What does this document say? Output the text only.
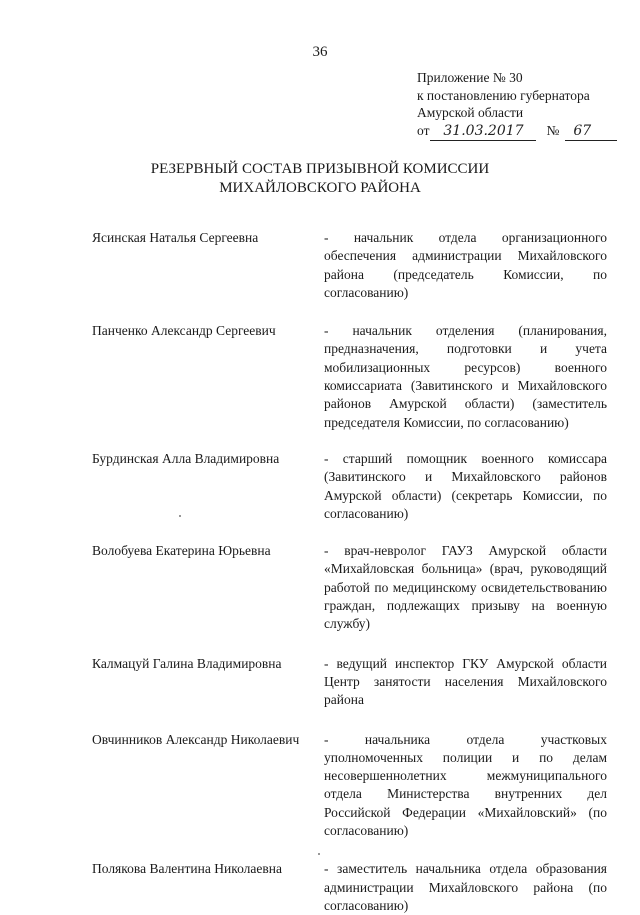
36
Приложение № 30
к постановлению губернатора
Амурской области
от 31.03.2017	№	67
РЕЗЕРВНЫЙ СОСТАВ ПРИЗЫВНОЙ КОМИССИИ
МИХАЙЛОВСКОГО РАЙОНА
Ясинская Наталья Сергеевна	- начальник отдела организационного обеспечения администрации Михайловского района (председатель Комиссии, по согласованию)
Панченко Александр Сергеевич	- начальник отделения (планирования, предназначения, подготовки и учета мобилизационных ресурсов) военного комиссариата (Завитинского и Михайловского районов Амурской области) (заместитель председателя Комиссии, по согласованию)
Бурдинская Алла Владимировна	- старший помощник военного комиссара (Завитинского и Михайловского районов Амурской области) (секретарь Комиссии, по согласованию)
Волобуева Екатерина Юрьевна	- врач-невролог ГАУЗ Амурской области «Михайловская больница» (врач, руководящий работой по медицинскому освидетельствованию граждан, подлежащих призыву на военную службу)
Калмацуй Галина Владимировна	- ведущий инспектор ГКУ Амурской области Центр занятости населения Михайловского района
Овчинников Александр Николаевич	- начальника отдела участковых уполномоченных полиции и по делам несовершеннолетних межмуниципального отдела Министерства внутренних дел Российской Федерации «Михайловский» (по согласованию)
Полякова Валентина Николаевна	- заместитель начальника отдела образования администрации Михайловского района (по согласованию)
